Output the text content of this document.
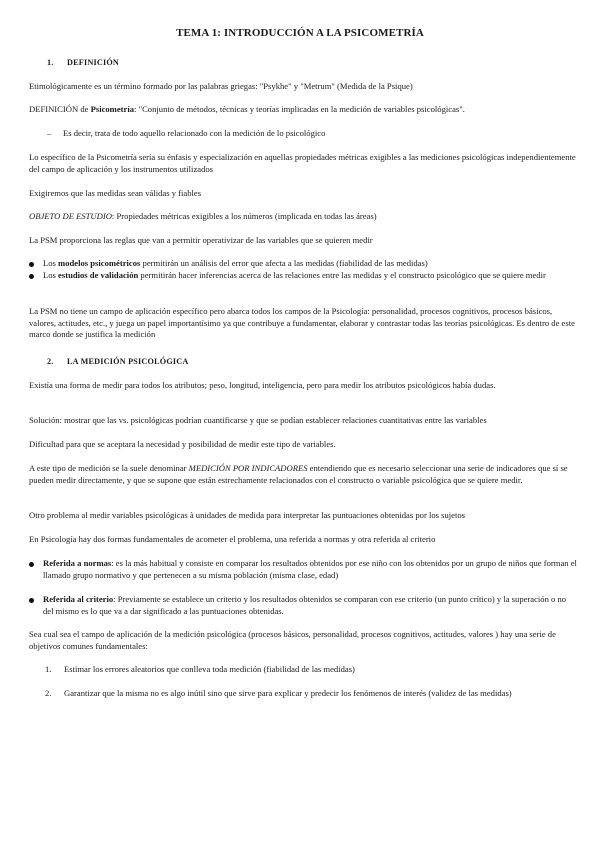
TEMA 1: INTRODUCCIÓN A LA PSICOMETRÍA
1. DEFINICIÓN
Etimológicamente es un término formado por las palabras griegas: "Psykhe" y "Metrum" (Medida de la Psique)
DEFINICIÓN de Psicometría: "Conjunto de métodos, técnicas y teorías implicadas en la medición de variables psicológicas".
– Es decir, trata de todo aquello relacionado con la medición de lo psicológico
Lo específico de la Psicometría sería su énfasis y especialización en aquellas propiedades métricas exigibles a las mediciones psicológicas independientemente del campo de aplicación y los instrumentos utilizados
Exigiremos que las medidas sean válidas y fiables
OBJETO DE ESTUDIO: Propiedades métricas exigibles a los números (implicada en todas las áreas)
La PSM proporciona las reglas que van a permitir operativizar de las variables que se quieren medir
Los modelos psicométricos permitirán un análisis del error que afecta a las medidas (fiabilidad de las medidas)
Los estudios de validación permitirán hacer inferencias acerca de las relaciones entre las medidas y el constructo psicológico que se quiere medir
La PSM no tiene un campo de aplicación específico pero abarca todos los campos de la Psicología: personalidad, procesos cognitivos, procesos básicos, valores, actitudes, etc., y juega un papel importantísimo ya que contribuye a fundamentar, elaborar y contrastar todas las teorías psicológicas. Es dentro de este marco donde se justifica la medición
2. LA MEDICIÓN PSICOLÓGICA
Existía una forma de medir para todos los atributos; peso, longitud, inteligencia, pero para medir los atributos psicológicos había dudas.
Solución: mostrar que las vs. psicológicas podrían cuantificarse y que se podían establecer relaciones cuantitativas entre las variables
Dificultad para que se aceptara la necesidad y posibilidad de medir este tipo de variables.
A este tipo de medición se la suele denominar MEDICIÓN POR INDICADORES entendiendo que es necesario seleccionar una serie de indicadores que sí se pueden medir directamente, y que se supone que están estrechamente relacionados con el constructo o variable psicológica que se quiere medir.
Otro problema al medir variables psicológicas à unidades de medida para interpretar las puntuaciones obtenidas por los sujetos
En Psicología hay dos formas fundamentales de acometer el problema, una referida a normas y otra referida al criterio
Referida a normas: es la más habitual y consiste en comparar los resultados obtenidos por ese niño con los obtenidos por un grupo de niños que forman el llamado grupo normativo y que pertenecen a su misma población (misma clase, edad)
Referida al criterio: Previamente se establece un criterio y los resultados obtenidos se comparan con ese criterio (un punto crítico) y la superación o no del mismo es lo que va a dar significado a las puntuaciones obtenidas.
Sea cual sea el campo de aplicación de la medición psicológica (procesos básicos, personalidad, procesos cognitivos, actitudes, valores ) hay una serie de objetivos comunes fundamentales:
1. Estimar los errores aleatorios que conlleva toda medición (fiabilidad de las medidas)
2. Garantizar que la misma no es algo inútil sino que sirve para explicar y predecir los fenómenos de interés (validez de las medidas)
